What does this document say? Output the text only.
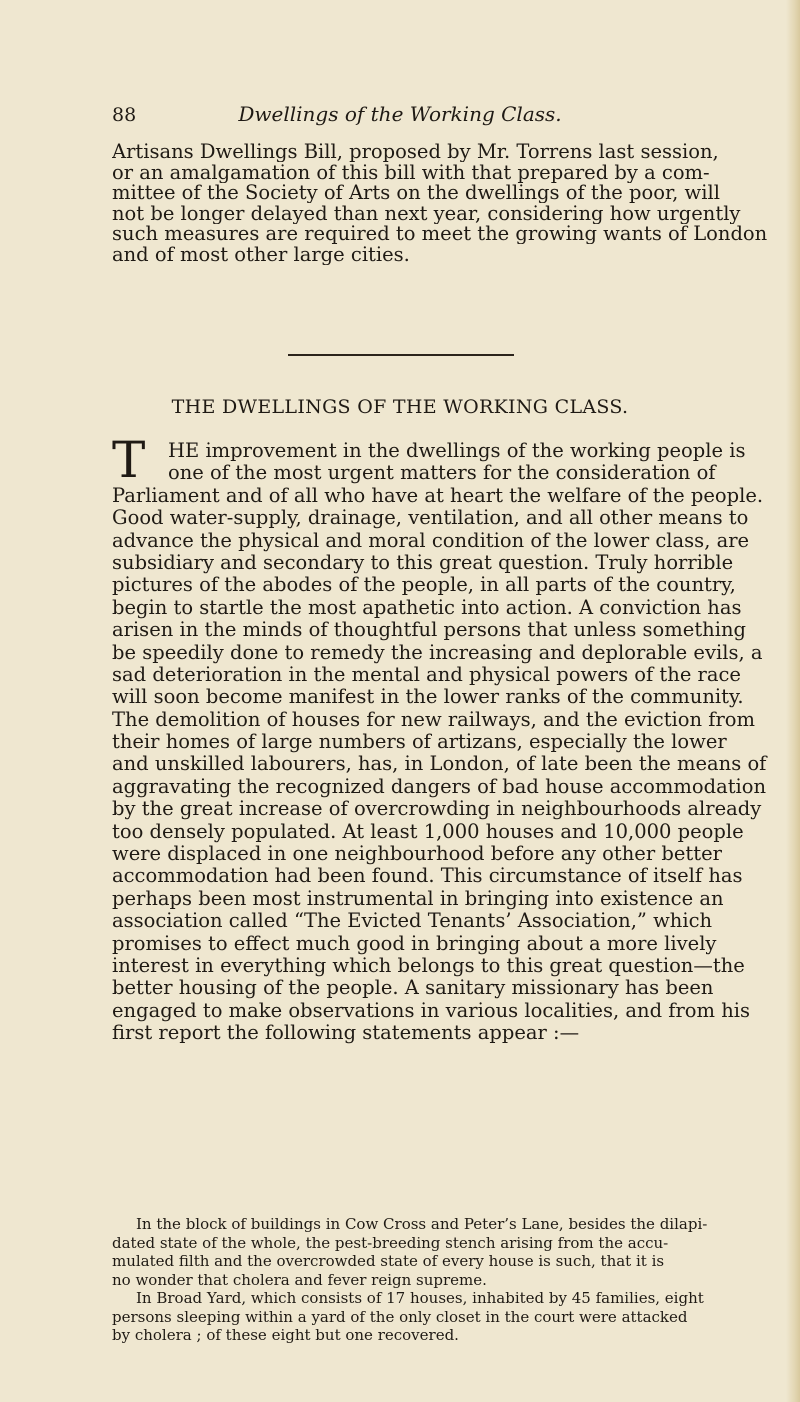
88	Dwellings of the Working Class.
Artisans Dwellings Bill, proposed by Mr. Torrens last session,
or an amalgamation of this bill with that prepared by a com-
mittee of the Society of Arts on the dwellings of the poor, will
not be longer delayed than next year, considering how urgently
such measures are required to meet the growing wants of London
and of most other large cities.
THE DWELLINGS OF THE WORKING CLASS.
T	HE improvement in the dwellings of the working people is
one of the most urgent matters for the consideration of
Parliament and of all who have at heart the welfare of the people.
Good water-supply, drainage, ventilation, and all other means to
advance the physical and moral condition of the lower class, are
subsidiary and secondary to this great question. Truly horrible
pictures of the abodes of the people, in all parts of the country,
begin to startle the most apathetic into action. A conviction has
arisen in the minds of thoughtful persons that unless something
be speedily done to remedy the increasing and deplorable evils, a
sad deterioration in the mental and physical powers of the race
will soon become manifest in the lower ranks of the community.
The demolition of houses for new railways, and the eviction from
their homes of large numbers of artizans, especially the lower
and unskilled labourers, has, in London, of late been the means of
aggravating the recognized dangers of bad house accommodation
by the great increase of overcrowding in neighbourhoods already
too densely populated. At least 1,000 houses and 10,000 people
were displaced in one neighbourhood before any other better
accommodation had been found. This circumstance of itself has
perhaps been most instrumental in bringing into existence an
association called “The Evicted Tenants’ Association,” which
promises to effect much good in bringing about a more lively
interest in everything which belongs to this great question—the
better housing of the people. A sanitary missionary has been
engaged to make observations in various localities, and from his
first report the following statements appear :—
In the block of buildings in Cow Cross and Peter’s Lane, besides the dilapi-
dated state of the whole, the pest-breeding stench arising from the accu-
mulated filth and the overcrowded state of every house is such, that it is
no wonder that cholera and fever reign supreme.
In Broad Yard, which consists of 17 houses, inhabited by 45 families, eight
persons sleeping within a yard of the only closet in the court were attacked
by cholera ; of these eight but one recovered.
